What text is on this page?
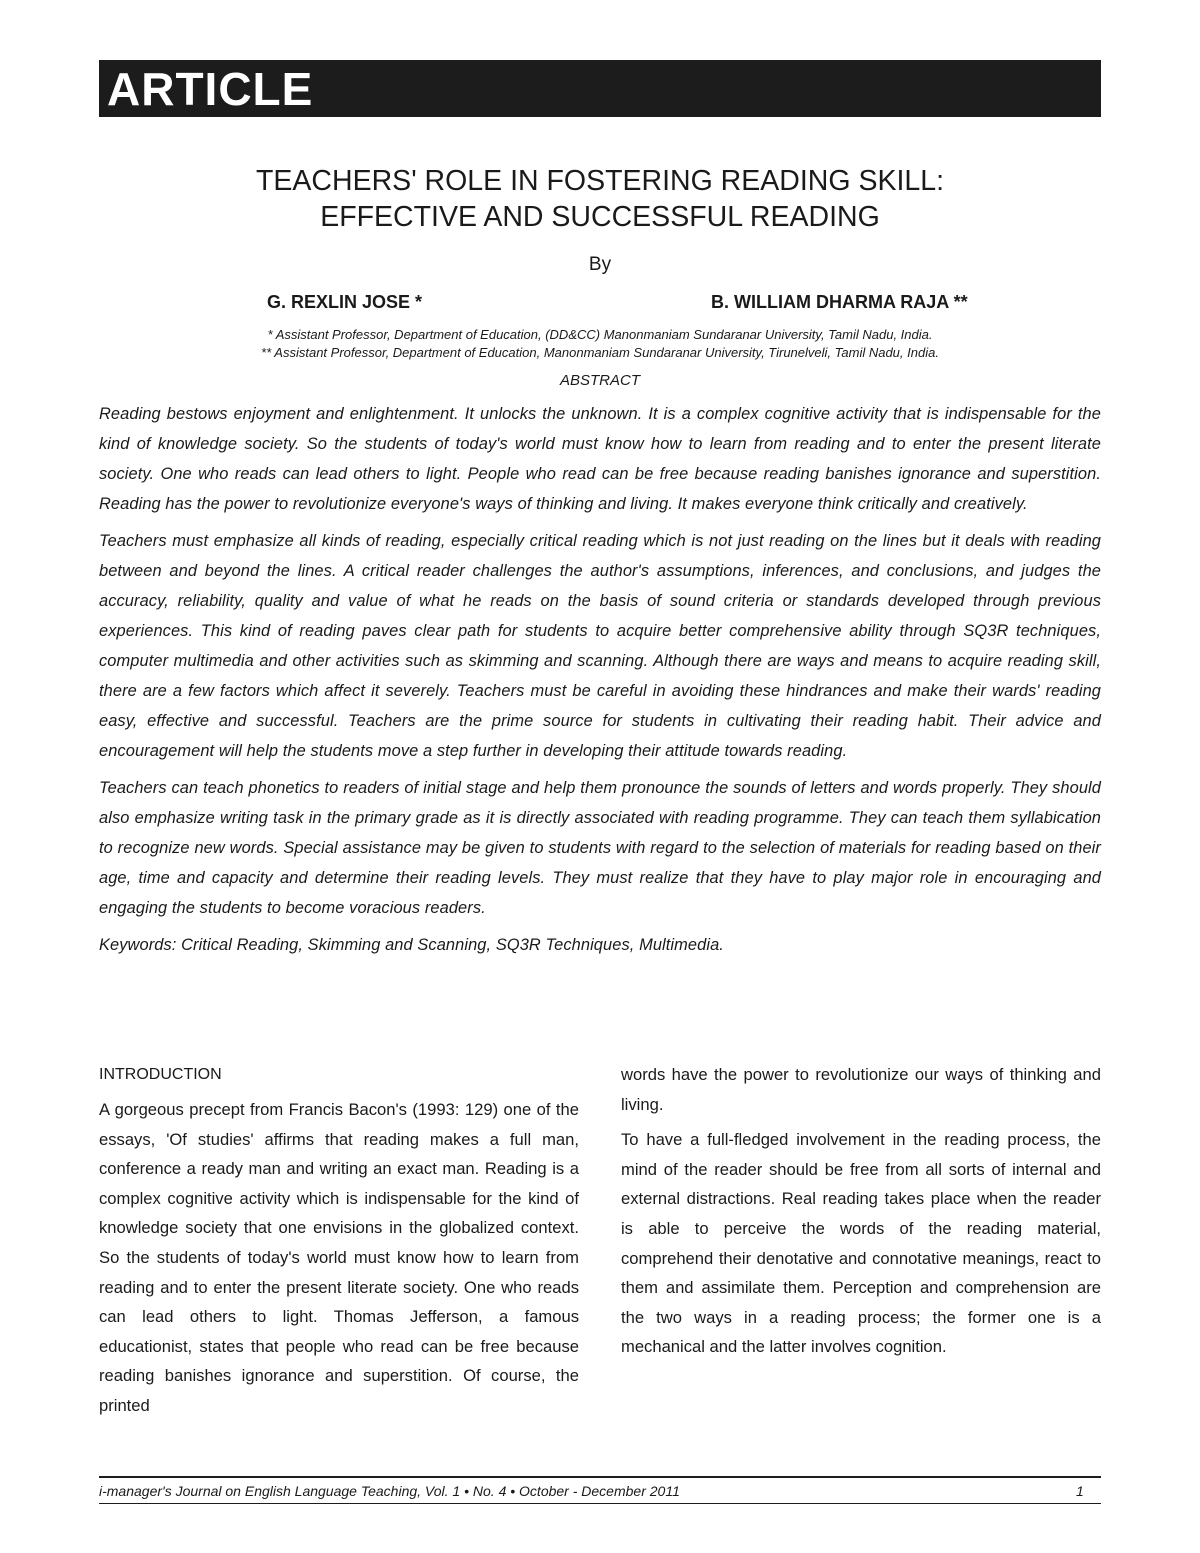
ARTICLE
TEACHERS' ROLE IN FOSTERING READING SKILL:
EFFECTIVE AND SUCCESSFUL READING
By
G. REXLIN JOSE *	B. WILLIAM DHARMA RAJA **
* Assistant Professor, Department of Education, (DD&CC) Manonmaniam Sundaranar University, Tamil Nadu, India.
** Assistant Professor, Department of Education, Manonmaniam Sundaranar University, Tirunelveli, Tamil Nadu, India.
ABSTRACT

Reading bestows enjoyment and enlightenment. It unlocks the unknown. It is a complex cognitive activity that is indispensable for the kind of knowledge society. So the students of today's world must know how to learn from reading and to enter the present literate society. One who reads can lead others to light. People who read can be free because reading banishes ignorance and superstition. Reading has the power to revolutionize everyone's ways of thinking and living. It makes everyone think critically and creatively.

Teachers must emphasize all kinds of reading, especially critical reading which is not just reading on the lines but it deals with reading between and beyond the lines. A critical reader challenges the author's assumptions, inferences, and conclusions, and judges the accuracy, reliability, quality and value of what he reads on the basis of sound criteria or standards developed through previous experiences. This kind of reading paves clear path for students to acquire better comprehensive ability through SQ3R techniques, computer multimedia and other activities such as skimming and scanning. Although there are ways and means to acquire reading skill, there are a few factors which affect it severely. Teachers must be careful in avoiding these hindrances and make their wards' reading easy, effective and successful. Teachers are the prime source for students in cultivating their reading habit. Their advice and encouragement will help the students move a step further in developing their attitude towards reading.

Teachers can teach phonetics to readers of initial stage and help them pronounce the sounds of letters and words properly. They should also emphasize writing task in the primary grade as it is directly associated with reading programme. They can teach them syllabication to recognize new words. Special assistance may be given to students with regard to the selection of materials for reading based on their age, time and capacity and determine their reading levels. They must realize that they have to play major role in encouraging and engaging the students to become voracious readers.

Keywords: Critical Reading, Skimming and Scanning, SQ3R Techniques, Multimedia.

INTRODUCTION

A gorgeous precept from Francis Bacon's (1993: 129) one of the essays, 'Of studies' affirms that reading makes a full man, conference a ready man and writing an exact man. Reading is a complex cognitive activity which is indispensable for the kind of knowledge society that one envisions in the globalized context. So the students of today's world must know how to learn from reading and to enter the present literate society. One who reads can lead others to light. Thomas Jefferson, a famous educationist, states that people who read can be free because reading banishes ignorance and superstition. Of course, the printed

words have the power to revolutionize our ways of thinking and living.

To have a full-fledged involvement in the reading process, the mind of the reader should be free from all sorts of internal and external distractions. Real reading takes place when the reader is able to perceive the words of the reading material, comprehend their denotative and connotative meanings, react to them and assimilate them. Perception and comprehension are the two ways in a reading process; the former one is a mechanical and the latter involves cognition.

i-manager's Journal on English Language Teaching, Vol. 1 • No. 4 • October - December 2011	1
